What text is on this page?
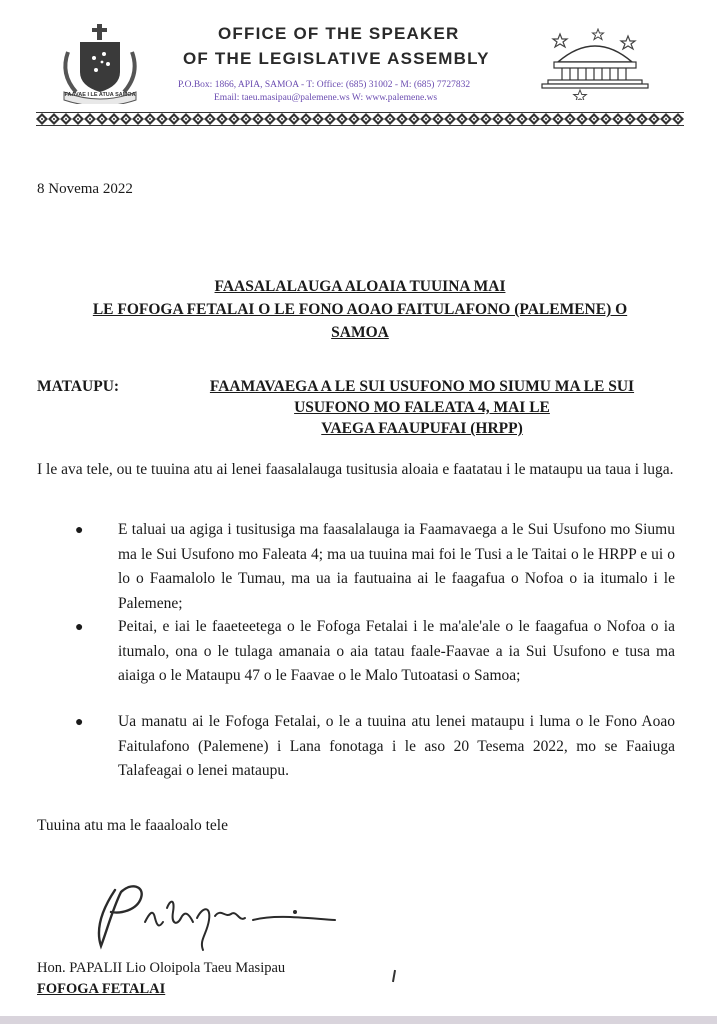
FAAVAE I LE ATUA SAMOA
OFFICE OF THE SPEAKER
OF THE LEGISLATIVE ASSEMBLY
P.O.Box: 1866, APIA, SAMOA - T: Office: (685) 31002 - M: (685) 7727832
Email: taeu.masipau@palemene.ws W: www.palemene.ws
8 Novema 2022
FAASALALAUGA ALOAIA TUUINA MAI
LE FOFOGA FETALAI O LE FONO AOAO FAITULAFONO (PALEMENE) O
SAMOA
MATAUPU:	FAAMAVAEGA A LE SUI USUFONO MO SIUMU MA LE SUI
USUFONO MO FALEATA 4, MAI LE
VAEGA FAAUPUFAI (HRPP)
I le ava tele, ou te tuuina atu ai lenei faasalalauga tusitusia aloaia e faatatau i le mataupu ua taua i luga.
● E taluai ua agiga i tusitusiga ma faasalalauga ia Faamavaega a le Sui Usufono mo Siumu ma le Sui Usufono mo Faleata 4; ma ua tuuina mai foi le Tusi a le Taitai o le HRPP e ui o lo o Faamalolo le Tumau, ma ua ia fautuaina ai le faagafua o Nofoa o ia itumalo i le Palemene;
● Peitai, e iai le faaeteetega o le Fofoga Fetalai i le ma'ale'ale o le faagafua o Nofoa o ia itumalo, ona o le tulaga amanaia o aia tatau faale-Faavae a ia Sui Usufono e tusa ma aiaiga o le Mataupu 47 o le Faavae o le Malo Tutoatasi o Samoa;
● Ua manatu ai le Fofoga Fetalai, o le a tuuina atu lenei mataupu i luma o le Fono Aoao Faitulafono (Palemene) i Lana fonotaga i le aso 20 Tesema 2022, mo se Faaiuga Talafeagai o lenei mataupu.
Tuuina atu ma le faaaloalo tele
Hon. PAPALII Lio Oloipola Taeu Masipau
FOFOGA FETALAI
